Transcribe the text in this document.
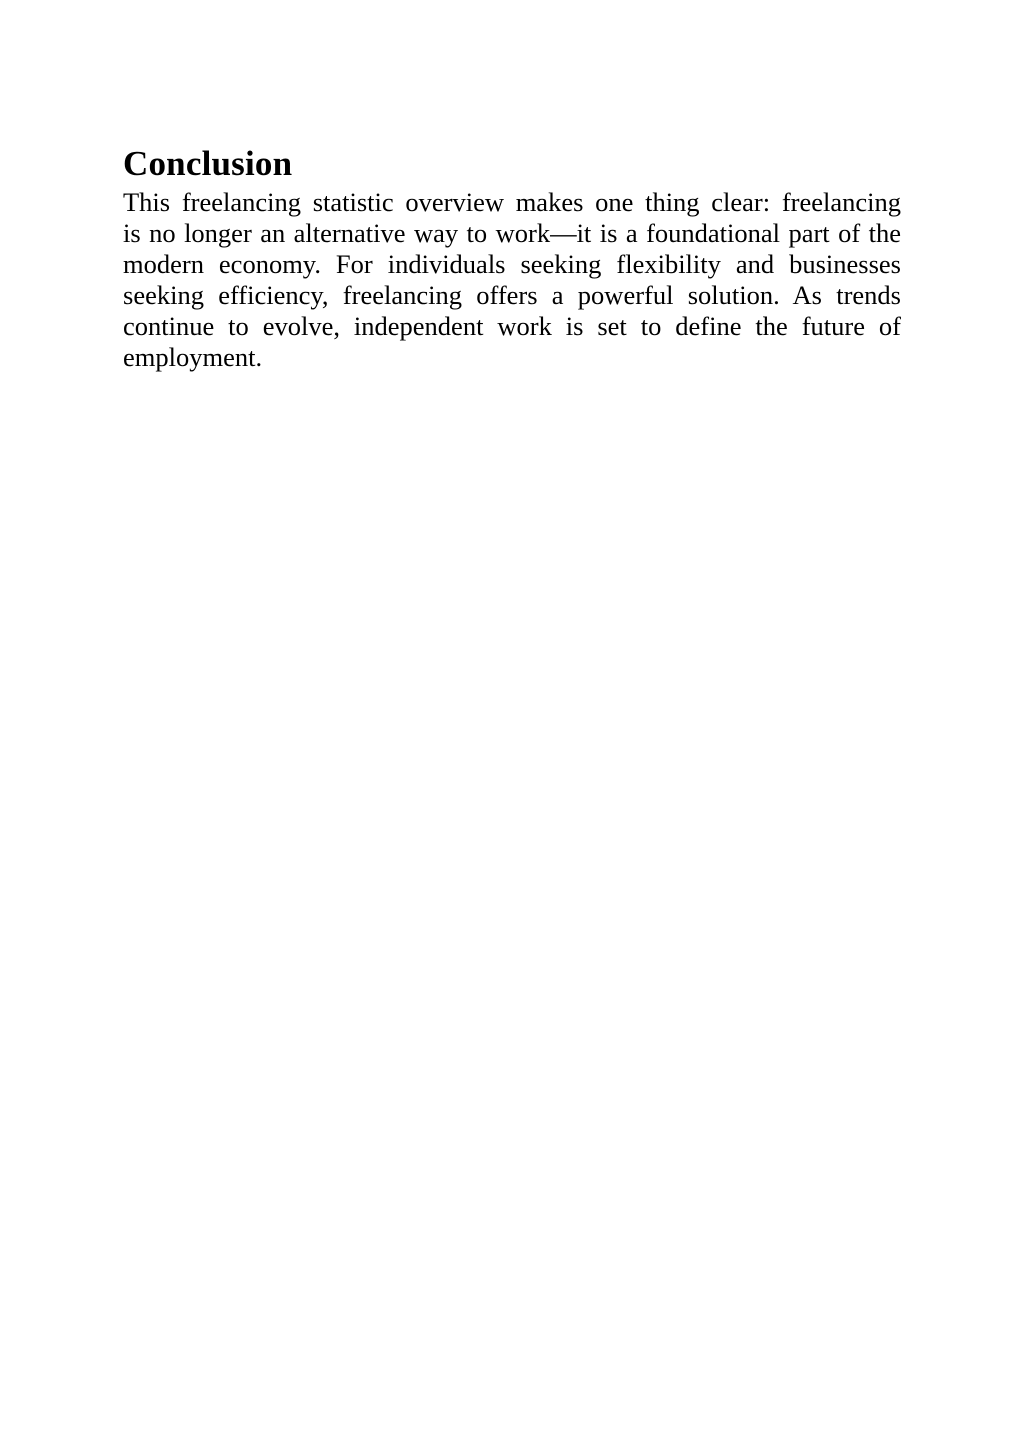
Conclusion
This freelancing statistic overview makes one thing clear: freelancing
is no longer an alternative way to work—it is a foundational part of the
modern economy. For individuals seeking flexibility and businesses
seeking efficiency, freelancing offers a powerful solution. As trends
continue to evolve, independent work is set to define the future of
employment.
